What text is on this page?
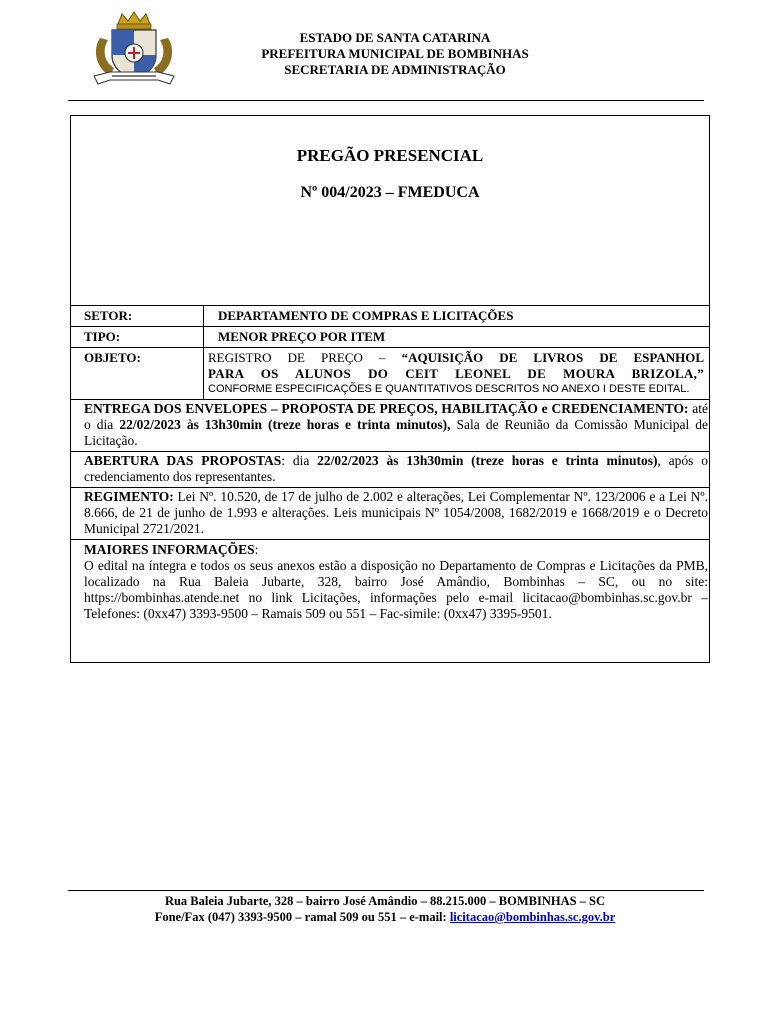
ESTADO DE SANTA CATARINA
PREFEITURA MUNICIPAL DE BOMBINHAS
SECRETARIA DE ADMINISTRAÇÃO
PREGÃO PRESENCIAL
Nº 004/2023 – FMEDUCA
SETOR:	DEPARTAMENTO DE COMPRAS E LICITAÇÕES
TIPO:	MENOR PREÇO POR ITEM
OBJETO:	REGISTRO DE PREÇO – “AQUISIÇÃO DE LIVROS DE ESPANHOL
PARA OS ALUNOS DO CEIT LEONEL DE MOURA BRIZOLA,”
CONFORME ESPECIFICAÇÕES E QUANTITATIVOS DESCRITOS NO ANEXO I DESTE EDITAL.
ENTREGA DOS ENVELOPES – PROPOSTA DE PREÇOS, HABILITAÇÃO e CREDENCIAMENTO: até o dia 22/02/2023 às 13h30min (treze horas e trinta minutos), Sala de Reunião da Comissão Municipal de Licitação.
ABERTURA DAS PROPOSTAS: dia 22/02/2023 às 13h30min (treze horas e trinta minutos), após o credenciamento dos representantes.
REGIMENTO: Lei Nº. 10.520, de 17 de julho de 2.002 e alterações, Lei Complementar Nº. 123/2006 e a Lei Nº. 8.666, de 21 de junho de 1.993 e alterações. Leis municipais Nº 1054/2008, 1682/2019 e 1668/2019 e o Decreto Municipal 2721/2021.
MAIORES INFORMAÇÕES:
O edital na íntegra e todos os seus anexos estão a disposição no Departamento de Compras e Licitações da PMB, localizado na Rua Baleia Jubarte, 328, bairro José Amândio, Bombinhas – SC, ou no site: https://bombinhas.atende.net no link Licitações, informações pelo e-mail licitacao@bombinhas.sc.gov.br – Telefones: (0xx47) 3393-9500 – Ramais 509 ou 551 – Fac-simile: (0xx47) 3395-9501.
Rua Baleia Jubarte, 328 – bairro José Amândio – 88.215.000 – BOMBINHAS – SC
Fone/Fax (047) 3393-9500 – ramal 509 ou 551 – e-mail: licitacao@bombinhas.sc.gov.br
